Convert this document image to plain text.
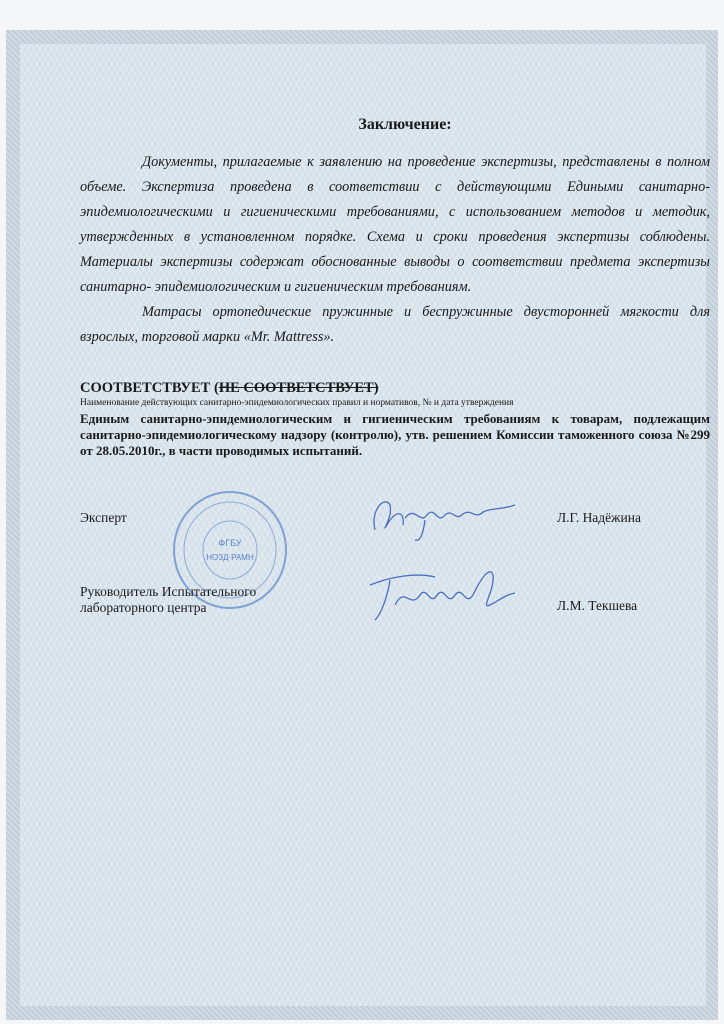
Заключение:
Документы, прилагаемые к заявлению на проведение экспертизы, представлены в полном объеме. Экспертиза проведена в соответствии с действующими Едиными санитарно-эпидемиологическими и гигиеническими требованиями, с использованием методов и методик, утвержденных в установленном порядке. Схема и сроки проведения экспертизы соблюдены. Материалы экспертизы содержат обоснованные выводы о соответствии предмета экспертизы санитарно- эпидемиологическим и гигиеническим требованиям.
Матрасы ортопедические пружинные и беспружинные двусторонней мягкости для взрослых, торговой марки «Mr. Mattress».
СООТВЕТСТВУЕТ (НЕ СООТВЕТСТВУЕТ)
Наименование действующих санитарно-эпидемиологических правил и нормативов, № и дата утверждения
Единым санитарно-эпидемиологическим и гигиеническим требованиям к товарам, подлежащим санитарно-эпидемиологическому надзору (контролю), утв. решением Комиссии таможенного союза №299 от 28.05.2010г., в части проводимых испытаний.
ФГБУ
НОЗД·РАМН
Эксперт	Л.Г. Надёжина
Руководитель Испытательного
лабораторного центра	Л.М. Текшева
